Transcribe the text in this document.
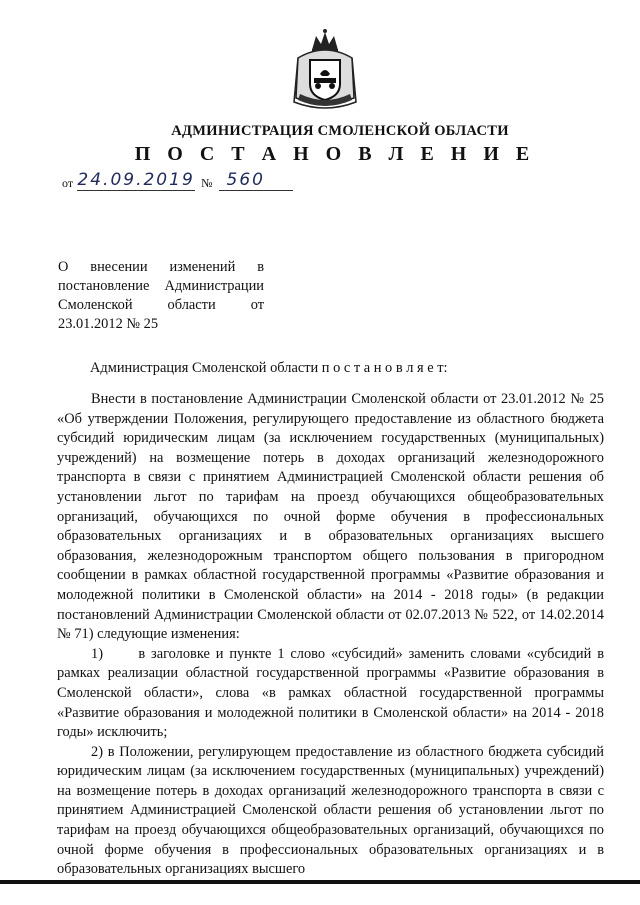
АДМИНИСТРАЦИЯ СМОЛЕНСКОЙ ОБЛАСТИ
П О С Т А Н О В Л Е Н И Е
от 24.09.2019 № 560
О внесении изменений в постановление Администрации Смоленской области от
23.01.2012 № 25
Администрация Смоленской области п о с т а н о в л я е т:

Внести в постановление Администрации Смоленской области от 23.01.2012 № 25 «Об утверждении Положения, регулирующего предоставление из областного бюджета субсидий юридическим лицам (за исключением государственных (муниципальных) учреждений) на возмещение потерь в доходах организаций железнодорожного транспорта в связи с принятием Администрацией Смоленской области решения об установлении льгот по тарифам на проезд обучающихся общеобразовательных организаций, обучающихся по очной форме обучения в профессиональных образовательных организациях и в образовательных организациях высшего образования, железнодорожным транспортом общего пользования в пригородном сообщении в рамках областной государственной программы «Развитие образования и молодежной политики в Смоленской области» на 2014 - 2018 годы» (в редакции постановлений Администрации Смоленской области от 02.07.2013 № 522, от 14.02.2014 № 71) следующие изменения:

1)      в заголовке и пункте 1 слово «субсидий» заменить словами «субсидий в рамках реализации областной государственной программы «Развитие образования в Смоленской области», слова «в рамках областной государственной программы «Развитие образования и молодежной политики в Смоленской области» на 2014 - 2018 годы» исключить;

2) в Положении, регулирующем предоставление из областного бюджета субсидий юридическим лицам (за исключением государственных (муниципальных) учреждений) на возмещение потерь в доходах организаций железнодорожного транспорта в связи с принятием Администрацией Смоленской области решения об установлении льгот по тарифам на проезд обучающихся общеобразовательных организаций, обучающихся по очной форме обучения в профессиональных образовательных организациях и в образовательных организациях высшего
